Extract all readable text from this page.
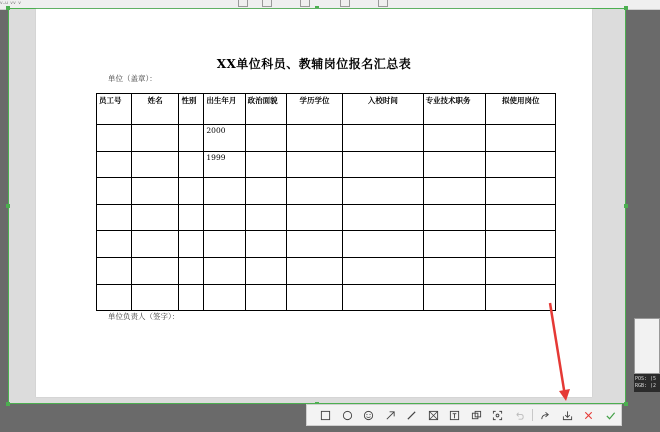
ᵥ.ᵤ ᵥᵥ ᵥ
XX单位科员、教辅岗位报名汇总表
单位（盖章）：
员工号	姓名	性别	出生年月	政治面貌	学历学位	入校时间	专业技术职务	拟使用岗位
			2000					
			1999					

单位负责人（签字）：
POS: (5
RGB: (2
